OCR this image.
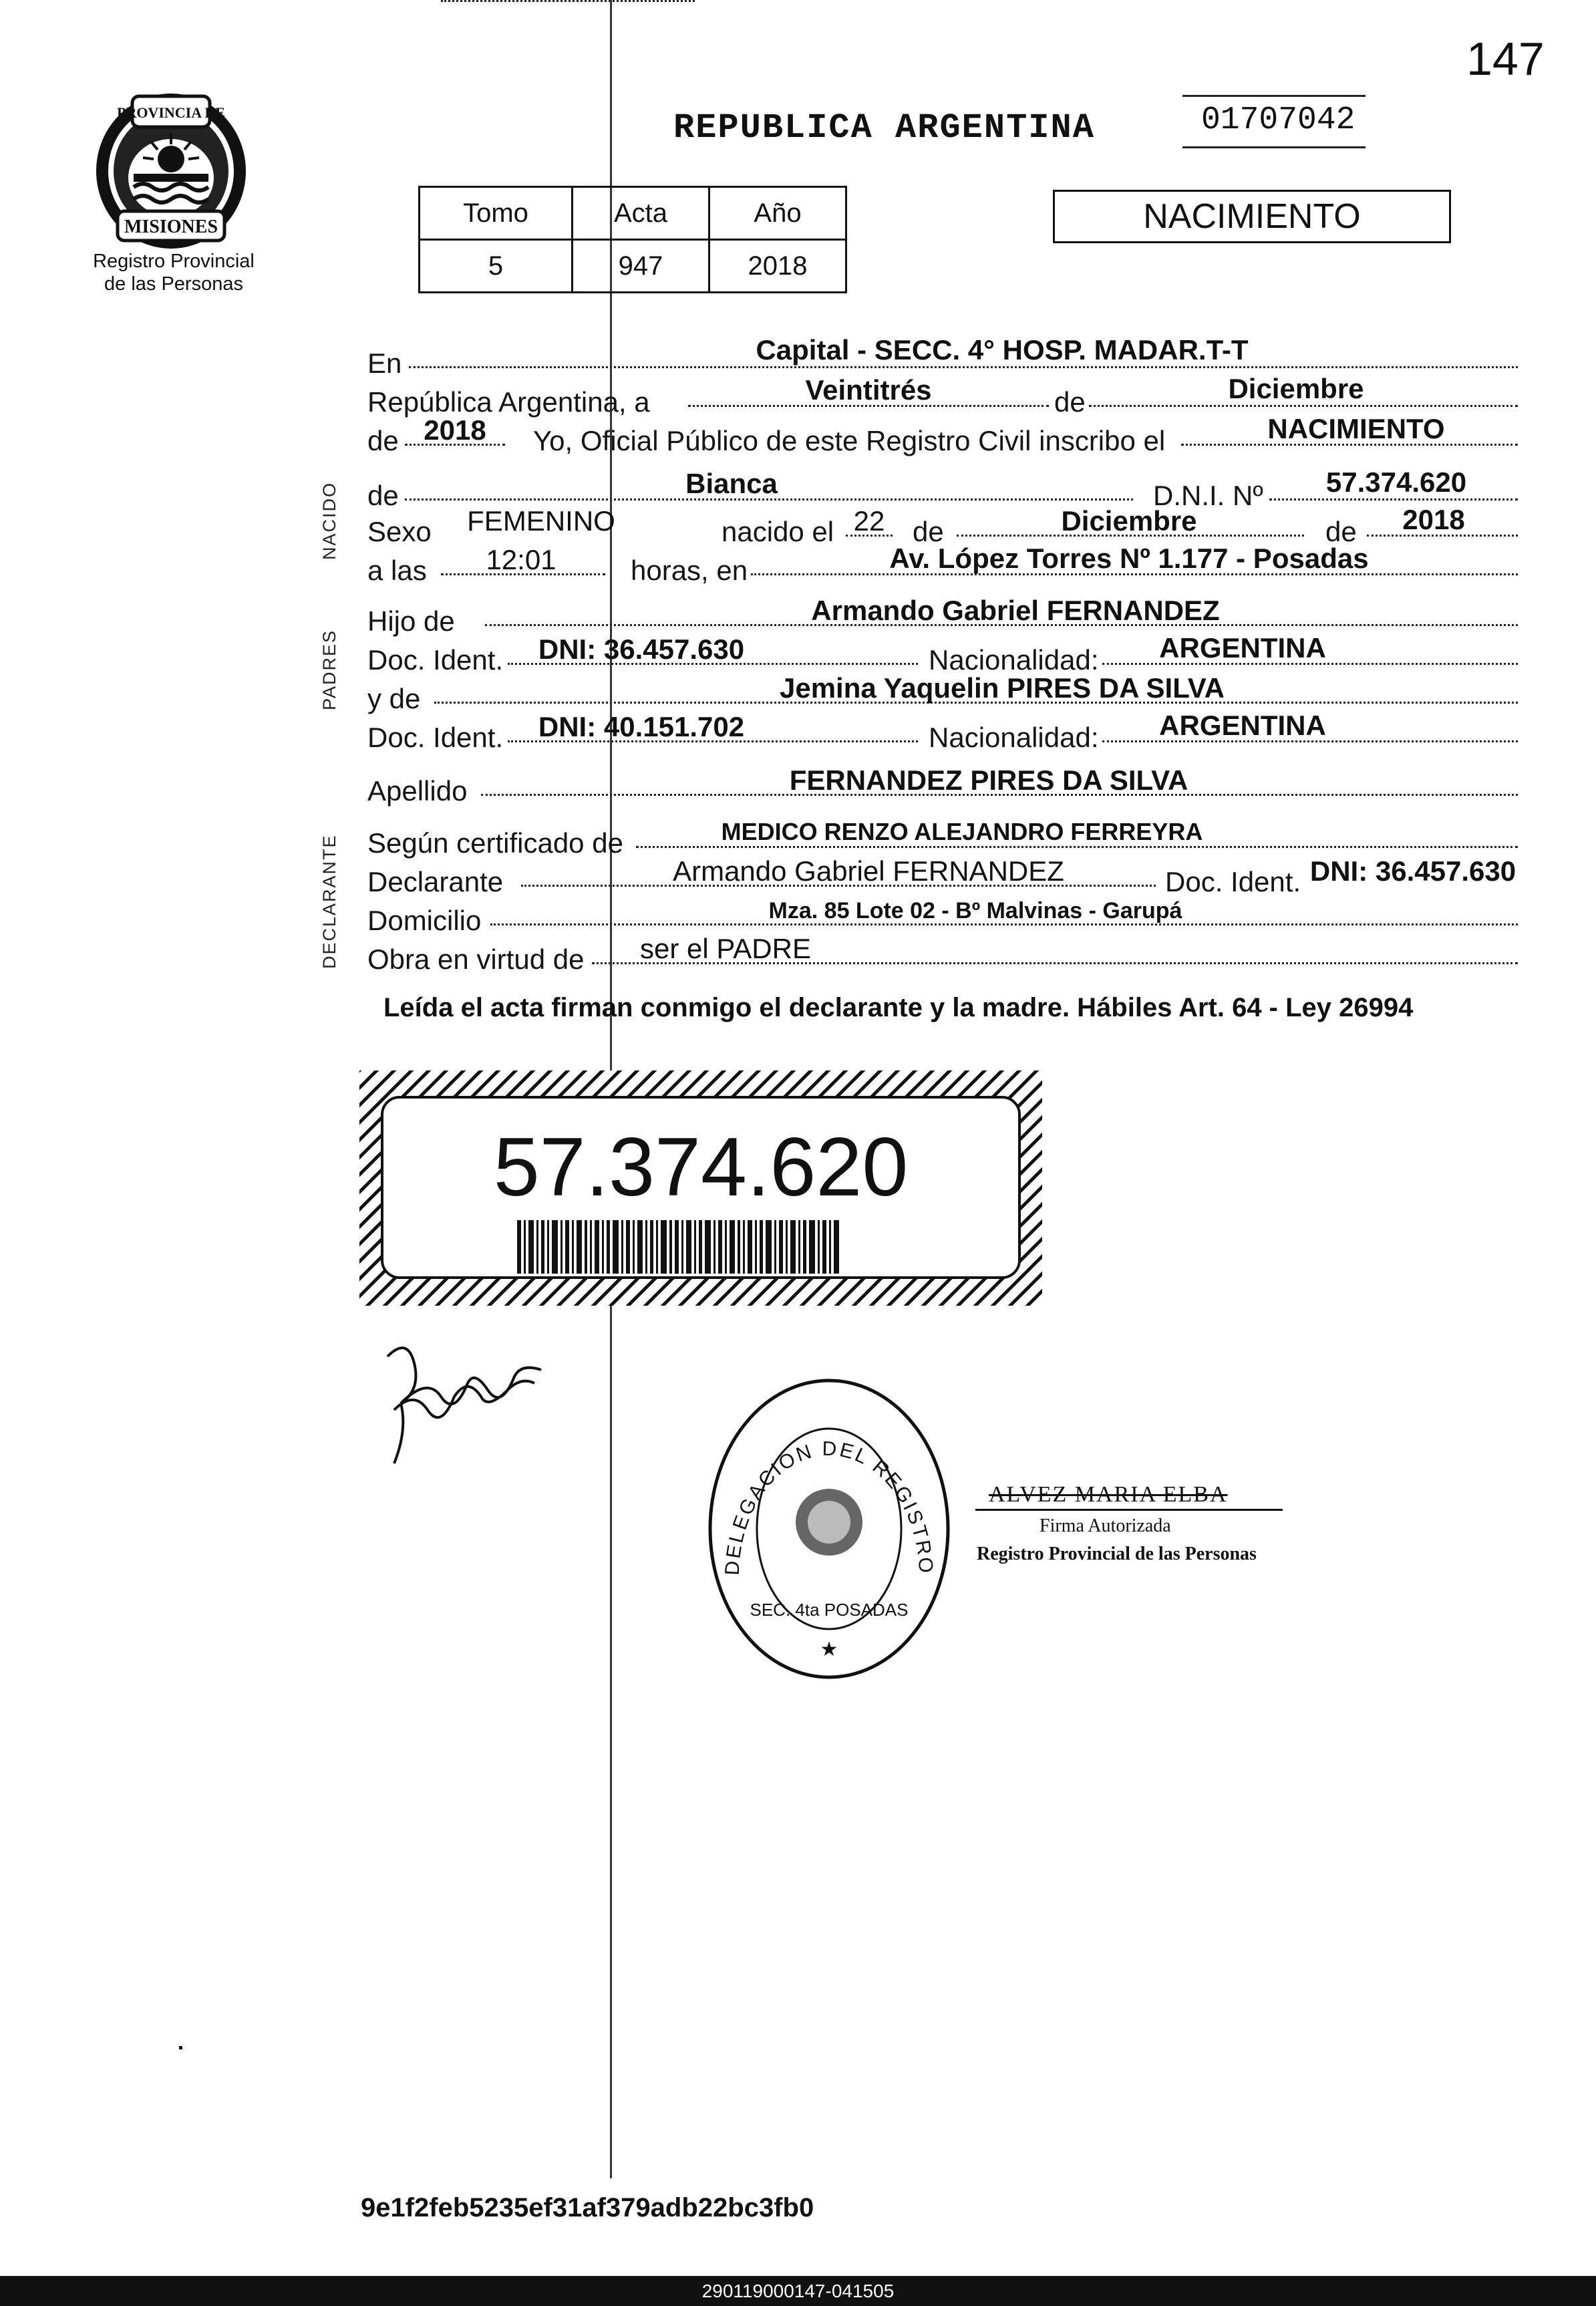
147
PROVINCIA DE
MISIONES
Registro Provincial
de las Personas
REPUBLICA ARGENTINA	01707042
Tomo	Acta	Año
5	947	2018
NACIMIENTO
NACIDO
PADRES
DECLARANTE
En	Capital - SECC. 4° HOSP. MADAR.T-T
República Argentina, a	Veintitrés	de	Diciembre
de 2018	Yo, Oficial Público de este Registro Civil inscribo el	NACIMIENTO
de	Bianca	D.N.I. Nº	57.374.620
Sexo	FEMENINO	nacido el 22 de	Diciembre	de	2018
a las	12:01	horas, en	Av. López Torres Nº 1.177 - Posadas
Hijo de	Armando Gabriel FERNANDEZ
Doc. Ident.	DNI: 36.457.630	Nacionalidad:	ARGENTINA
y de	Jemina Yaquelin PIRES DA SILVA
Doc. Ident.	DNI: 40.151.702	Nacionalidad:	ARGENTINA
Apellido	FERNANDEZ PIRES DA SILVA
Según certificado de	MEDICO RENZO ALEJANDRO FERREYRA
Declarante	Armando Gabriel FERNANDEZ	Doc. Ident. DNI: 36.457.630
Domicilio	Mza. 85 Lote 02 - Bº Malvinas - Garupá
Obra en virtud de	ser el PADRE
Leída el acta firman conmigo el declarante y la madre. Hábiles Art. 64 - Ley 26994
57.374.620
DELEGACION DEL REGISTRO
SEC. 4ta POSADAS
★
ALVEZ MARIA ELBA
Firma Autorizada
Registro Provincial de las Personas
9e1f2feb5235ef31af379adb22bc3fb0
290119000147-041505
